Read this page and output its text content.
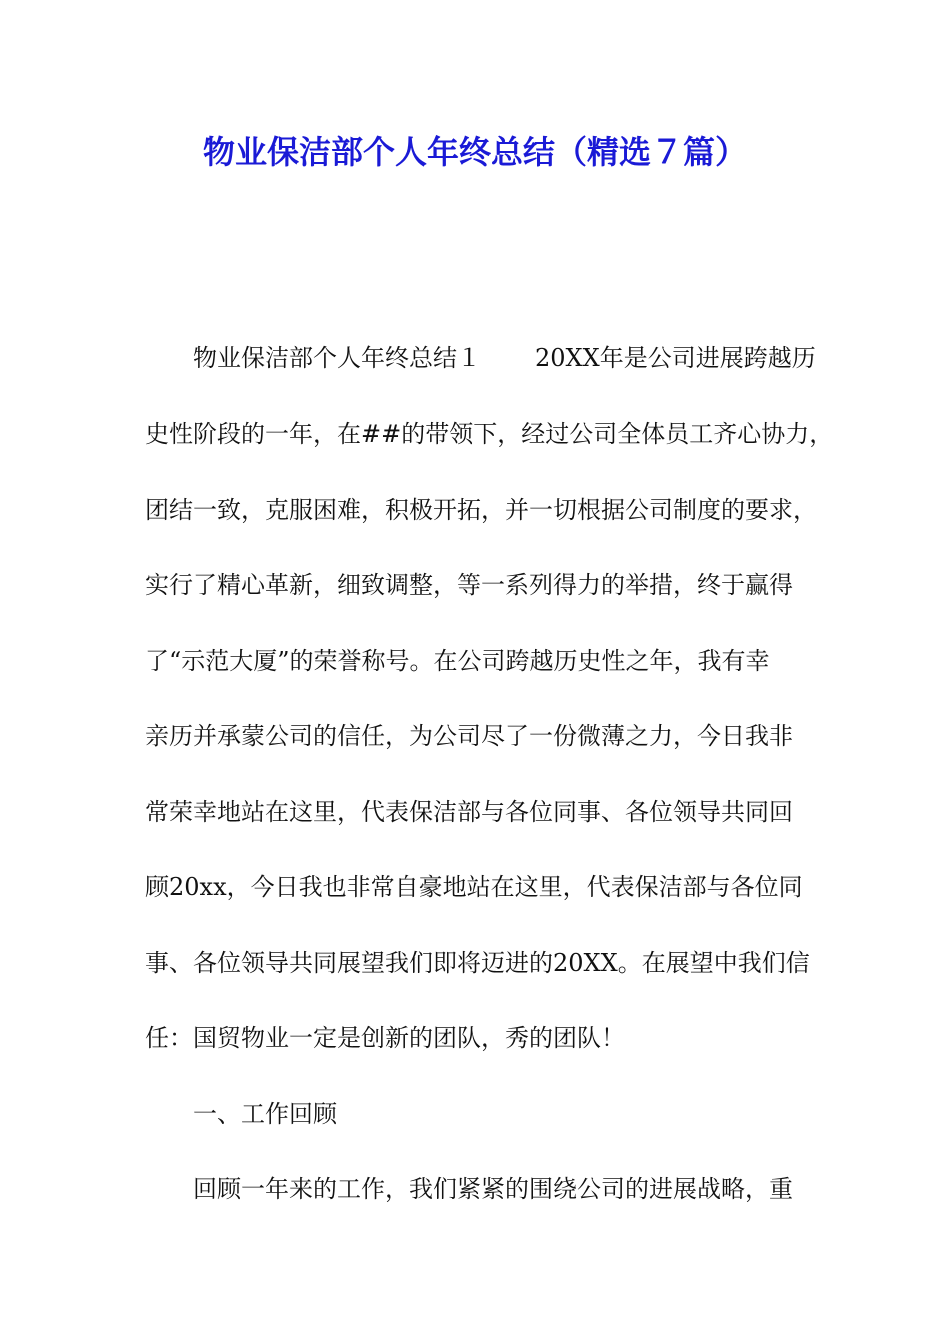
物业保洁部个人年终总结（精选７篇）
物业保洁部个人年终总结１ 20XX年是公司进展跨越历
史性阶段的一年，在##的带领下，经过公司全体员工齐心协力，
团结一致，克服困难，积极开拓，并一切根据公司制度的要求，
实行了精心革新，细致调整，等一系列得力的举措，终于赢得
了“示范大厦”的荣誉称号。在公司跨越历史性之年，我有幸
亲历并承蒙公司的信任，为公司尽了一份微薄之力，今日我非
常荣幸地站在这里，代表保洁部与各位同事、各位领导共同回
顾20xx，今日我也非常自豪地站在这里，代表保洁部与各位同
事、各位领导共同展望我们即将迈进的20XX。在展望中我们信
任：国贸物业一定是创新的团队，秀的团队！
一、工作回顾
回顾一年来的工作，我们紧紧的围绕公司的进展战略，重
